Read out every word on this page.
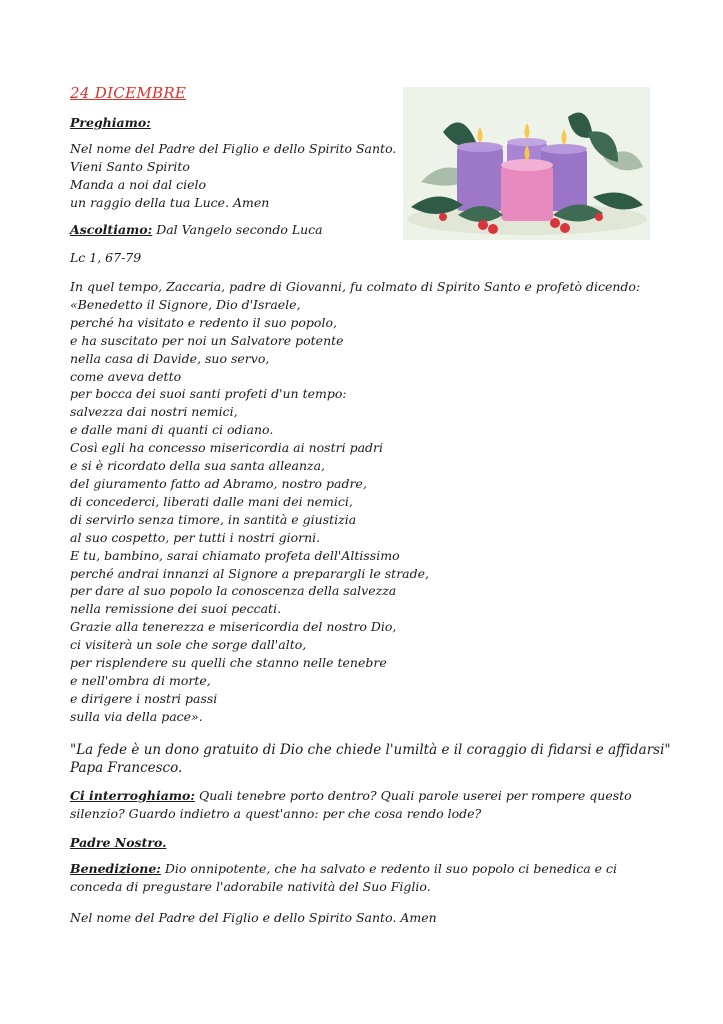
24 DICEMBRE
Preghiamo:
Nel nome del Padre del Figlio e dello Spirito Santo.
Vieni Santo Spirito
Manda a noi dal cielo
un raggio della tua Luce. Amen
Ascoltiamo: Dal Vangelo secondo Luca
Lc 1, 67-79
In quel tempo, Zaccaria, padre di Giovanni, fu colmato di Spirito Santo e profetò dicendo:
«Benedetto il Signore, Dio d'Israele,
perché ha visitato e redento il suo popolo,
e ha suscitato per noi un Salvatore potente
nella casa di Davide, suo servo,
come aveva detto
per bocca dei suoi santi profeti d'un tempo:
salvezza dai nostri nemici,
e dalle mani di quanti ci odiano.
Così egli ha concesso misericordia ai nostri padri
e si è ricordato della sua santa alleanza,
del giuramento fatto ad Abramo, nostro padre,
di concederci, liberati dalle mani dei nemici,
di servirlo senza timore, in santità e giustizia
al suo cospetto, per tutti i nostri giorni.
E tu, bambino, sarai chiamato profeta dell'Altissimo
perché andrai innanzi al Signore a preparargli le strade,
per dare al suo popolo la conoscenza della salvezza
nella remissione dei suoi peccati.
Grazie alla tenerezza e misericordia del nostro Dio,
ci visiterà un sole che sorge dall'alto,
per risplendere su quelli che stanno nelle tenebre
e nell'ombra di morte,
e dirigere i nostri passi
sulla via della pace».
"La fede è un dono gratuito di Dio che chiede l'umiltà e il coraggio di fidarsi e affidarsi"
Papa Francesco.
Ci interroghiamo: Quali tenebre porto dentro? Quali parole userei per rompere questo silenzio? Guardo indietro a quest'anno: per che cosa rendo lode?
Padre Nostro.
Benedizione: Dio onnipotente, che ha salvato e redento il suo popolo ci benedica e ci conceda di pregustare l'adorabile natività del Suo Figlio.
Nel nome del Padre del Figlio e dello Spirito Santo. Amen
